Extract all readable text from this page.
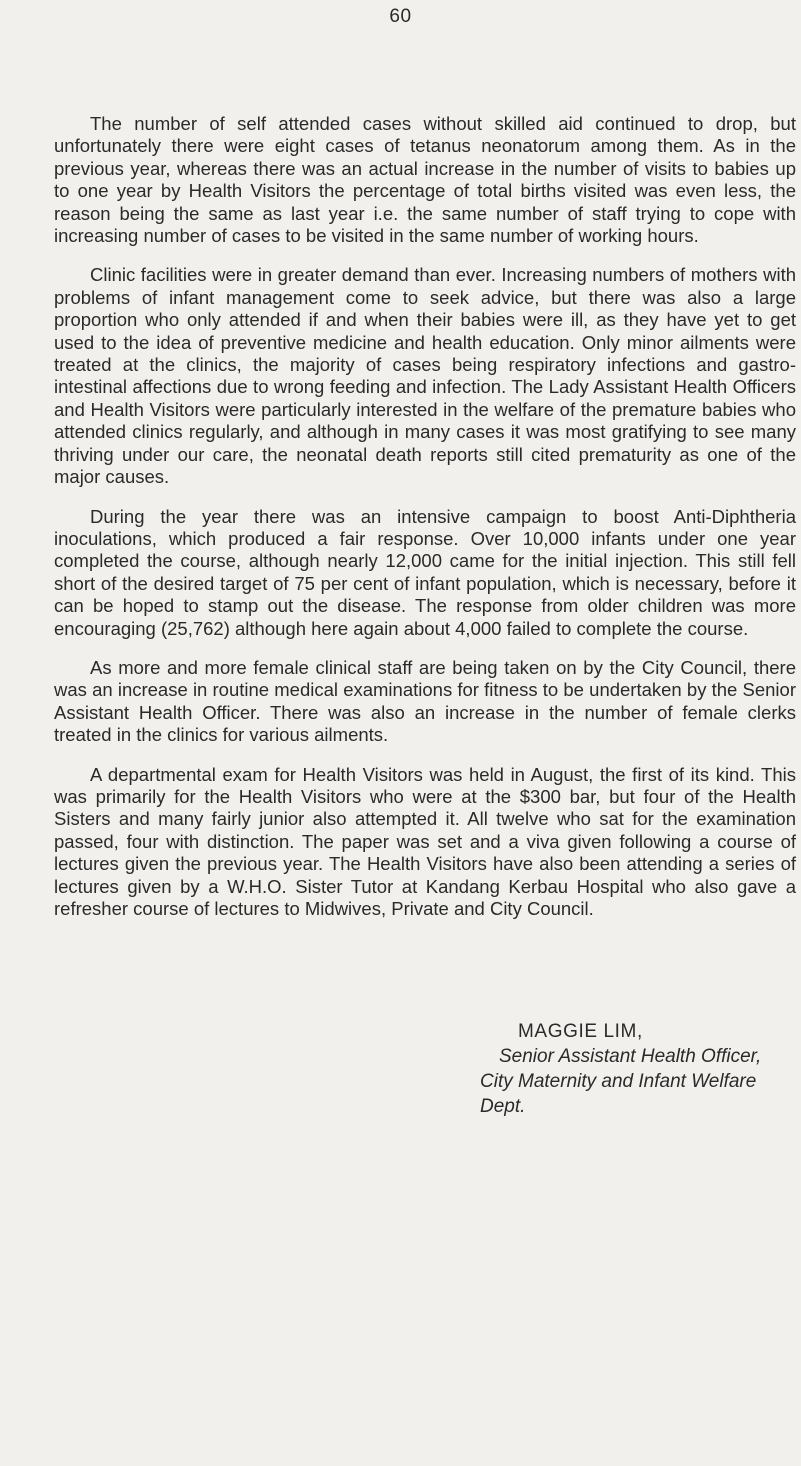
60

The number of self attended cases without skilled aid continued to drop, but unfortunately there were eight cases of tetanus neonatorum among them. As in the previous year, whereas there was an actual increase in the number of visits to babies up to one year by Health Visitors the percentage of total births visited was even less, the reason being the same as last year i.e. the same number of staff trying to cope with increasing number of cases to be visited in the same number of working hours.

Clinic facilities were in greater demand than ever. Increasing numbers of mothers with problems of infant management come to seek advice, but there was also a large proportion who only attended if and when their babies were ill, as they have yet to get used to the idea of preventive medicine and health education. Only minor ailments were treated at the clinics, the majority of cases being respiratory infections and gastro-intestinal affections due to wrong feeding and infection. The Lady Assistant Health Officers and Health Visitors were particularly interested in the welfare of the premature babies who attended clinics regularly, and although in many cases it was most gratifying to see many thriving under our care, the neonatal death reports still cited prematurity as one of the major causes.

During the year there was an intensive campaign to boost Anti-Diphtheria inoculations, which produced a fair response. Over 10,000 infants under one year completed the course, although nearly 12,000 came for the initial injection. This still fell short of the desired target of 75 per cent of infant population, which is necessary, before it can be hoped to stamp out the disease. The response from older children was more encouraging (25,762) although here again about 4,000 failed to complete the course.

As more and more female clinical staff are being taken on by the City Council, there was an increase in routine medical examinations for fitness to be undertaken by the Senior Assistant Health Officer. There was also an increase in the number of female clerks treated in the clinics for various ailments.

A departmental exam for Health Visitors was held in August, the first of its kind. This was primarily for the Health Visitors who were at the $300 bar, but four of the Health Sisters and many fairly junior also attempted it. All twelve who sat for the examination passed, four with distinction. The paper was set and a viva given following a course of lectures given the previous year. The Health Visitors have also been attending a series of lectures given by a W.H.O. Sister Tutor at Kandang Kerbau Hospital who also gave a refresher course of lectures to Midwives, Private and City Council.

MAGGIE LIM,
Senior Assistant Health Officer,
City Maternity and Infant Welfare Dept.
